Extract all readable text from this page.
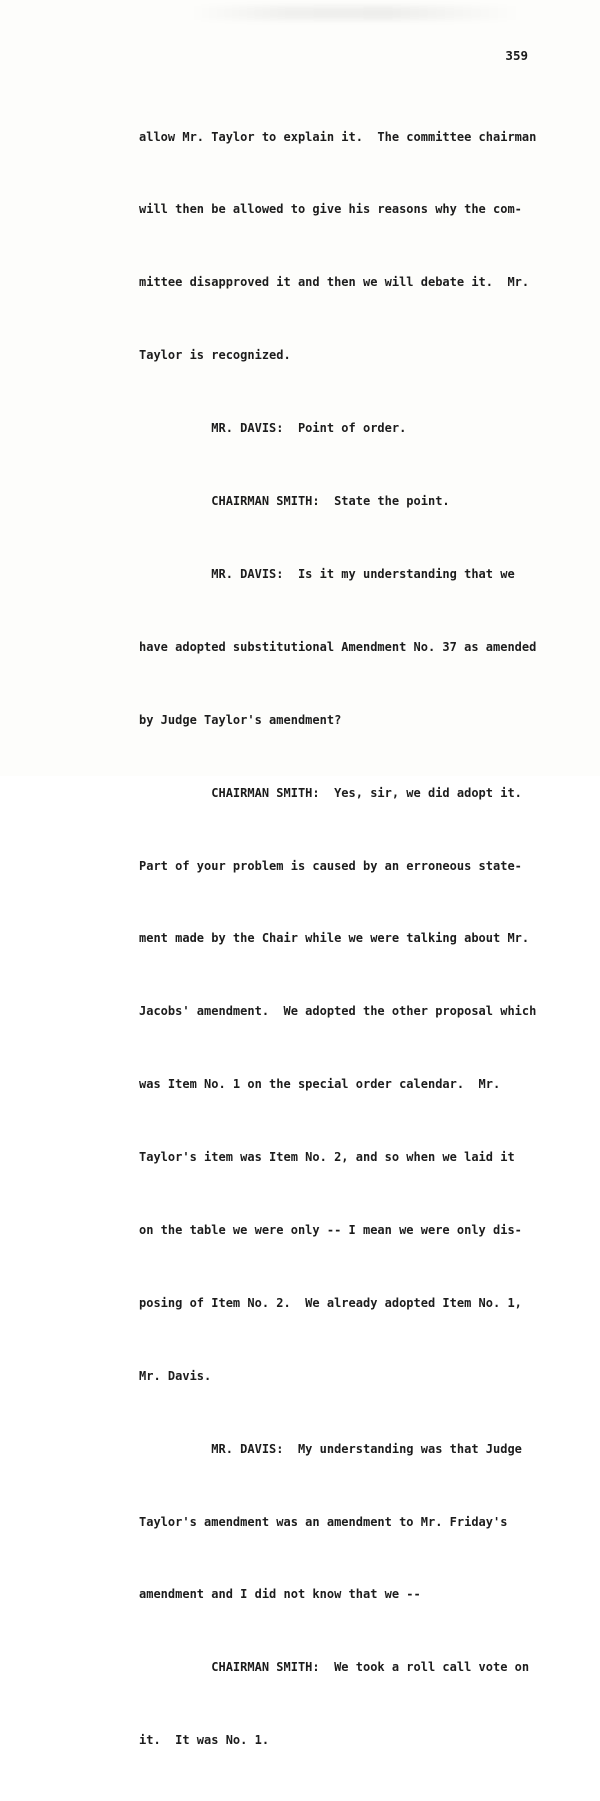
359

allow Mr. Taylor to explain it.  The committee chairman

will then be allowed to give his reasons why the com-

mittee disapproved it and then we will debate it.  Mr.

Taylor is recognized.

MR. DAVIS:  Point of order.

CHAIRMAN SMITH:  State the point.

MR. DAVIS:  Is it my understanding that we

have adopted substitutional Amendment No. 37 as amended

by Judge Taylor's amendment?

CHAIRMAN SMITH:  Yes, sir, we did adopt it.

Part of your problem is caused by an erroneous state-

ment made by the Chair while we were talking about Mr.

Jacobs' amendment.  We adopted the other proposal which

was Item No. 1 on the special order calendar.  Mr.

Taylor's item was Item No. 2, and so when we laid it

on the table we were only -- I mean we were only dis-

posing of Item No. 2.  We already adopted Item No. 1,

Mr. Davis.

MR. DAVIS:  My understanding was that Judge

Taylor's amendment was an amendment to Mr. Friday's

amendment and I did not know that we --

CHAIRMAN SMITH:  We took a roll call vote on

it.  It was No. 1.
